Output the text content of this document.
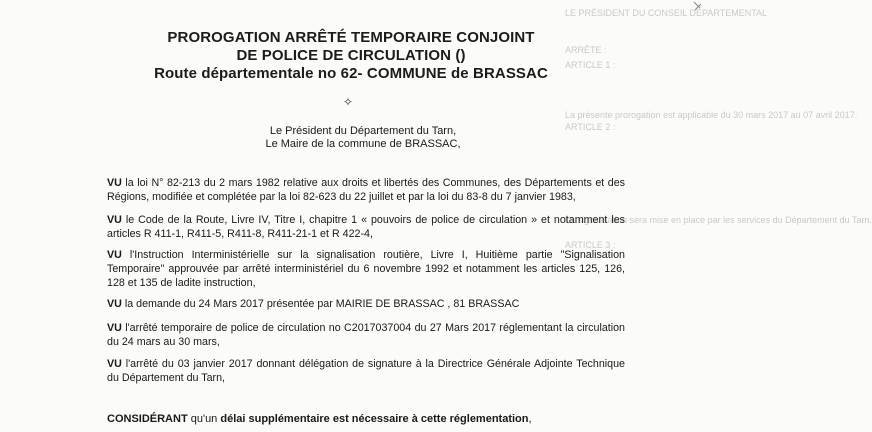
LE PRÉSIDENT DU CONSEIL DÉPARTEMENTAL
ARRÊTE :
ARTICLE 1 :
La présente prorogation est applicable du 30 mars 2017 au 07 avril 2017.
ARTICLE 2 :
La signalisation sera mise en place par les services du Département du Tarn.
ARTICLE 3 :
PROROGATION ARRÊTÉ TEMPORAIRE CONJOINT
DE POLICE DE CIRCULATION ()
Route départementale no 62- COMMUNE de BRASSAC
✧
Le Président du Département du Tarn,
Le Maire de la commune de BRASSAC,
VU la loi N° 82-213 du 2 mars 1982 relative aux droits et libertés des Communes, des Départements et des Régions, modifiée et complétée par la loi 82-623 du 22 juillet et par la loi du 83-8 du 7 janvier 1983,
VU le Code de la Route, Livre IV, Titre I, chapitre 1 « pouvoirs de police de circulation » et notamment les articles R 411-1, R411-5, R411-8, R411-21-1 et R 422-4,
VU l'Instruction Interministérielle sur la signalisation routière, Livre I, Huitième partie "Signalisation Temporaire" approuvée par arrêté interministériel du 6 novembre 1992 et notamment les articles 125, 126, 128 et 135 de ladite instruction,
VU la demande du 24 Mars 2017 présentée par MAIRIE DE BRASSAC , 81 BRASSAC
VU l'arrêté temporaire de police de circulation no C2017037004 du 27 Mars 2017 réglementant la circulation du 24 mars au 30 mars,
VU l'arrêté du 03 janvier 2017 donnant délégation de signature à la Directrice Générale Adjointe Technique du Département du Tarn,
CONSIDÉRANT qu'un délai supplémentaire est nécessaire à cette réglementation,
